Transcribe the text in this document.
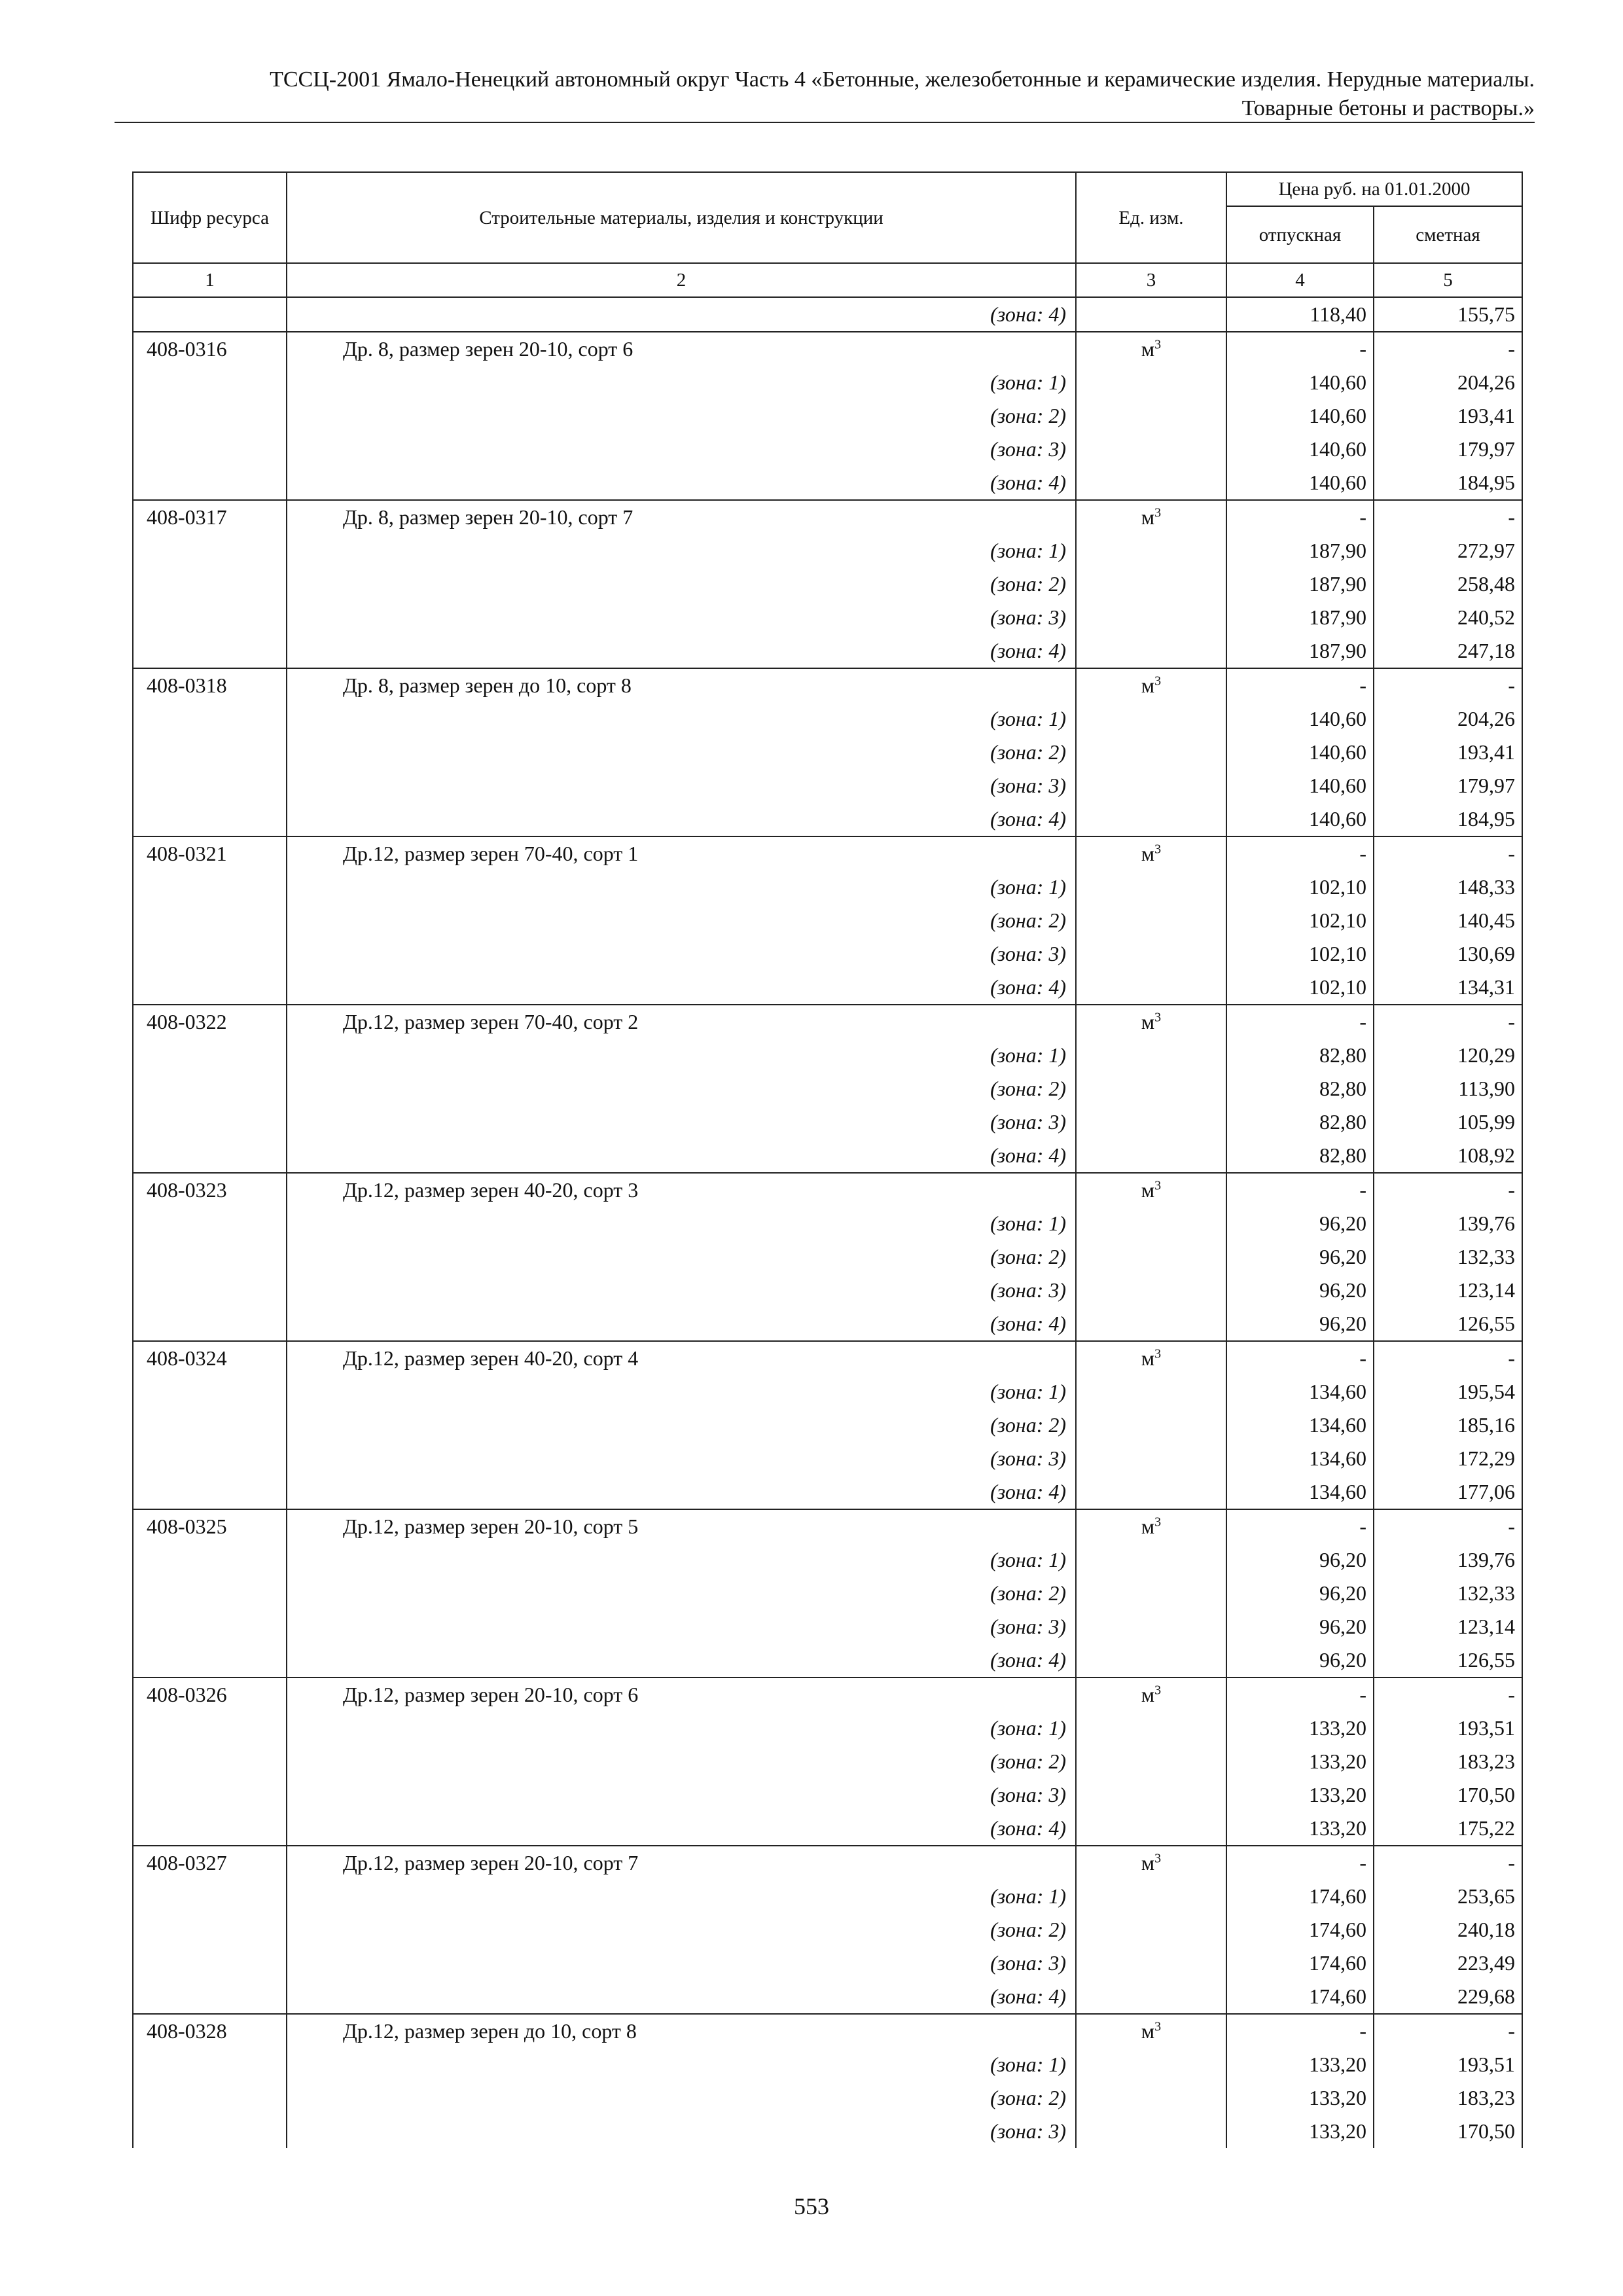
ТССЦ-2001 Ямало-Ненецкий автономный округ Часть 4 «Бетонные, железобетонные и керамические изделия. Нерудные материалы.
Товарные бетоны и растворы.»
Шифр ресурса	Строительные материалы, изделия и конструкции	Ед. изм.	Цена руб. на 01.01.2000	
			отпускная	сметная
1	2	3	4	5
	(зона: 4)		118,40	155,75
408-0316	Др. 8, размер зерен 20-10, сорт 6	$м^3$	-	-
	(зона: 1)		140,60	204,26
	(зона: 2)		140,60	193,41
	(зона: 3)		140,60	179,97
	(зона: 4)		140,60	184,95
408-0317	Др. 8, размер зерен 20-10, сорт 7	$м^3$	-	-
	(зона: 1)		187,90	272,97
	(зона: 2)		187,90	258,48
	(зона: 3)		187,90	240,52
	(зона: 4)		187,90	247,18
408-0318	Др. 8, размер зерен до 10, сорт 8	$м^3$	-	-
	(зона: 1)		140,60	204,26
	(зона: 2)		140,60	193,41
	(зона: 3)		140,60	179,97
	(зона: 4)		140,60	184,95
408-0321	Др.12, размер зерен 70-40, сорт 1	$м^3$	-	-
	(зона: 1)		102,10	148,33
	(зона: 2)		102,10	140,45
	(зона: 3)		102,10	130,69
	(зона: 4)		102,10	134,31
408-0322	Др.12, размер зерен 70-40, сорт 2	$м^3$	-	-
	(зона: 1)		82,80	120,29
	(зона: 2)		82,80	113,90
	(зона: 3)		82,80	105,99
	(зона: 4)		82,80	108,92
408-0323	Др.12, размер зерен 40-20, сорт 3	$м^3$	-	-
	(зона: 1)		96,20	139,76
	(зона: 2)		96,20	132,33
	(зона: 3)		96,20	123,14
	(зона: 4)		96,20	126,55
408-0324	Др.12, размер зерен 40-20, сорт 4	$м^3$	-	-
	(зона: 1)		134,60	195,54
	(зона: 2)		134,60	185,16
	(зона: 3)		134,60	172,29
	(зона: 4)		134,60	177,06
408-0325	Др.12, размер зерен 20-10, сорт 5	$м^3$	-	-
	(зона: 1)		96,20	139,76
	(зона: 2)		96,20	132,33
	(зона: 3)		96,20	123,14
	(зона: 4)		96,20	126,55
408-0326	Др.12, размер зерен 20-10, сорт 6	$м^3$	-	-
	(зона: 1)		133,20	193,51
	(зона: 2)		133,20	183,23
	(зона: 3)		133,20	170,50
	(зона: 4)		133,20	175,22
408-0327	Др.12, размер зерен 20-10, сорт 7	$м^3$	-	-
	(зона: 1)		174,60	253,65
	(зона: 2)		174,60	240,18
	(зона: 3)		174,60	223,49
	(зона: 4)		174,60	229,68
408-0328	Др.12, размер зерен до 10, сорт 8	$м^3$	-	-
	(зона: 1)		133,20	193,51
	(зона: 2)		133,20	183,23
	(зона: 3)		133,20	170,50
553
